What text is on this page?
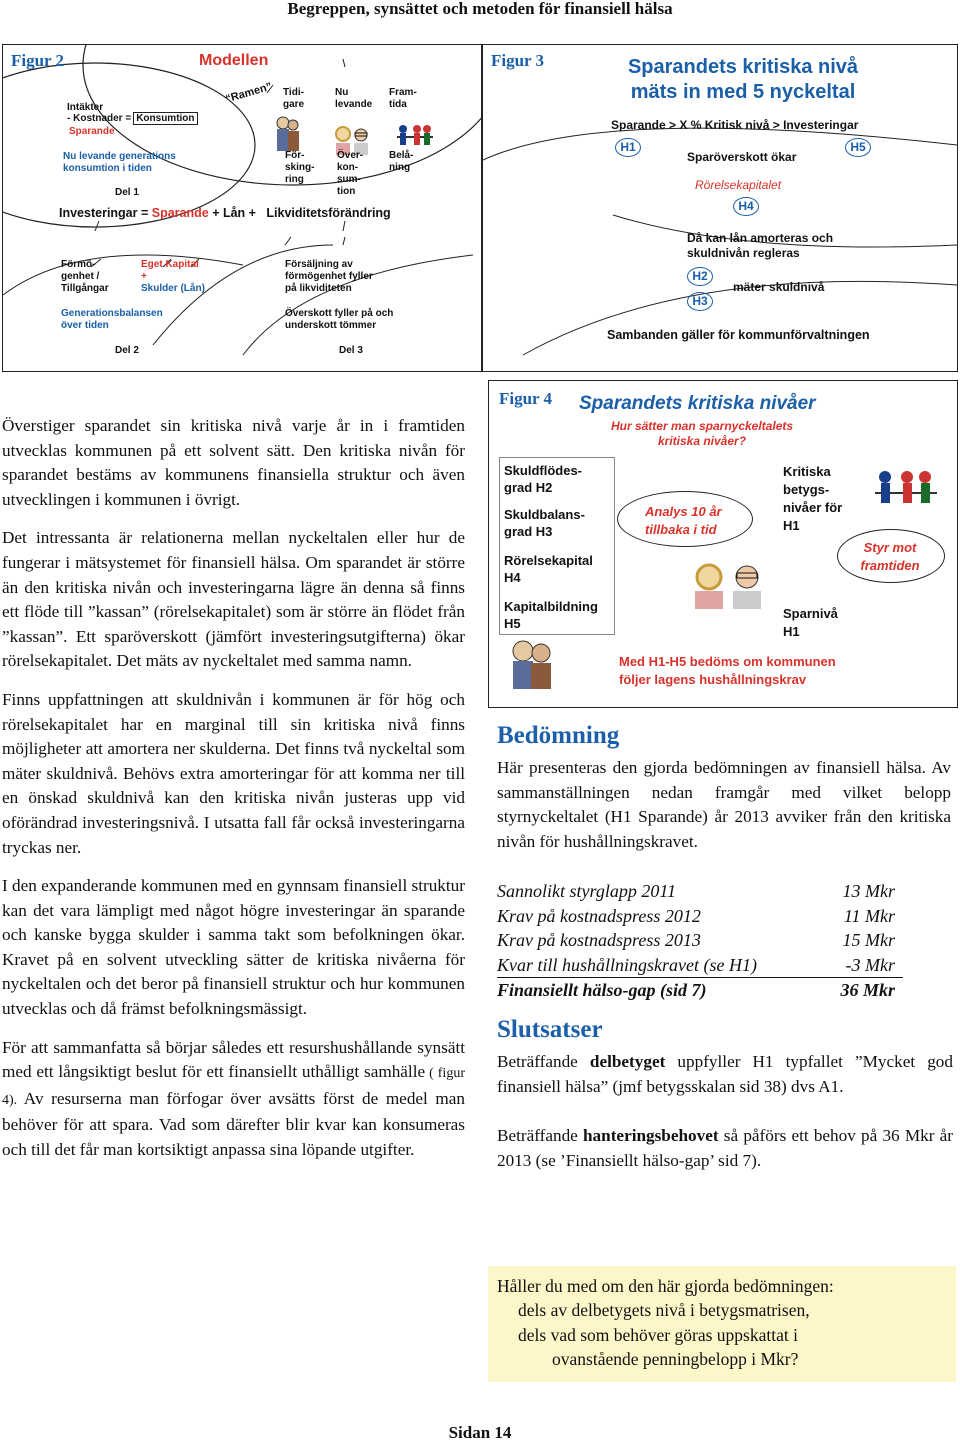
Begreppen, synsättet och metoden för finansiell hälsa
Figur 2	Modellen
“Ramen”
Intäkter
- Kostnader = Konsumtion
Sparande
Nu levande generations
konsumtion i tiden
Del 1
Tidi-
gare
Nu
levande
Fram-
tida
För-
sking-
ring
Över-
kon-
sum-
tion
Belå-
ning
Investeringar = Sparande + Lån +   Likviditetsförändring
Förmö-
genhet /
Tillgångar
Eget Kapital
+
Skulder (Lån)
Generationsbalansen
över tiden
Del 2
Försäljning av
förmögenhet fyller
på likviditeten
Överskott fyller på och
underskott tömmer
Del 3
Figur 3	Sparandets kritiska nivå
mäts in med 5 nyckeltal
Sparande > X % Kritisk nivå > Investeringar
H1	H5
Sparöverskott ökar
Rörelsekapitalet
H4
Då kan lån amorteras och
skuldnivån regleras
H2
mäter skuldnivå
H3
Sambanden gäller för kommunförvaltningen

Överstiger sparandet sin kritiska nivå varje år in i framtiden utvecklas kommunen på ett solvent sätt. Den kritiska nivån för sparandet bestäms av kommunens finansiella struktur och även utvecklingen i kommunen i övrigt.

Det intressanta är relationerna mellan nyckeltalen eller hur de fungerar i mätsystemet för finansiell hälsa. Om sparandet är större än den kritiska nivån och investeringarna lägre än denna så finns ett flöde till ”kassan” (rörelsekapitalet) som är större än flödet från ”kassan”. Ett sparöverskott (jämfört investeringsutgifterna) ökar rörelsekapitalet. Det mäts av nyckeltalet med samma namn.

Finns uppfattningen att skuldnivån i kommunen är för hög och rörelsekapitalet har en marginal till sin kritiska nivå finns möjligheter att amortera ner skulderna. Det finns två nyckeltal som mäter skuldnivå. Behövs extra amorteringar för att komma ner till en önskad skuldnivå kan den kritiska nivån justeras upp vid oförändrad investeringsnivå. I utsatta fall får också investeringarna tryckas ner.

I den expanderande kommunen med en gynnsam finansiell struktur kan det vara lämpligt med något högre investeringar än sparande och kanske bygga skulder i samma takt som befolkningen ökar. Kravet på en solvent utveckling sätter de kritiska nivåerna för nyckeltalen och det beror på finansiell struktur och hur kommunen utvecklas och då främst befolkningsmässigt.

För att sammanfatta så börjar således ett resurshushållande synsätt med ett långsiktigt beslut för ett finansiellt uthålligt samhälle ( figur 4). Av resurserna man förfogar över avsätts först de medel man behöver för att spara. Vad som därefter blir kvar kan konsumeras och till det får man kortsiktigt anpassa sina löpande utgifter.

Figur 4 Sparandets kritiska nivåer
Hur sätter man sparnyckeltalets
kritiska nivåer?
Skuldflödes-
grad H2
Skuldbalans-
grad H3
Rörelsekapital
H4
Kapitalbildning
H5
Analys 10 år
tillbaka i tid
Kritiska
betygs-
nivåer för
H1
Styr mot
framtiden
Sparnivå
H1
Med H1-H5 bedöms om kommunen
följer lagens hushållningskrav
Bedömning
Här presenteras den gjorda bedömningen av finansiell hälsa. Av sammanställningen nedan framgår med vilket belopp styrnyckeltalet (H1 Sparande) år 2013 avviker från den kritiska nivån för hushållningskravet.
Sannolikt styrglapp 2011	13 Mkr
Krav på kostnadspress 2012	11 Mkr
Krav på kostnadspress 2013	15 Mkr
Kvar till hushållningskravet (se H1)	-3 Mkr
Finansiellt hälso-gap (sid 7)	36 Mkr
Slutsatser
Beträffande delbetyget uppfyller H1 typfallet ”Mycket god finansiell hälsa” (jmf betygsskalan sid 38) dvs A1.
Beträffande hanteringsbehovet så påförs ett behov på 36 Mkr år 2013 (se ’Finansiellt hälso-gap’ sid 7).
Håller du med om den här gjorda bedömningen:
dels av delbetygets nivå i betygsmatrisen,
dels vad som behöver göras uppskattat i
ovanstående penningbelopp i Mkr?
Sidan 14
